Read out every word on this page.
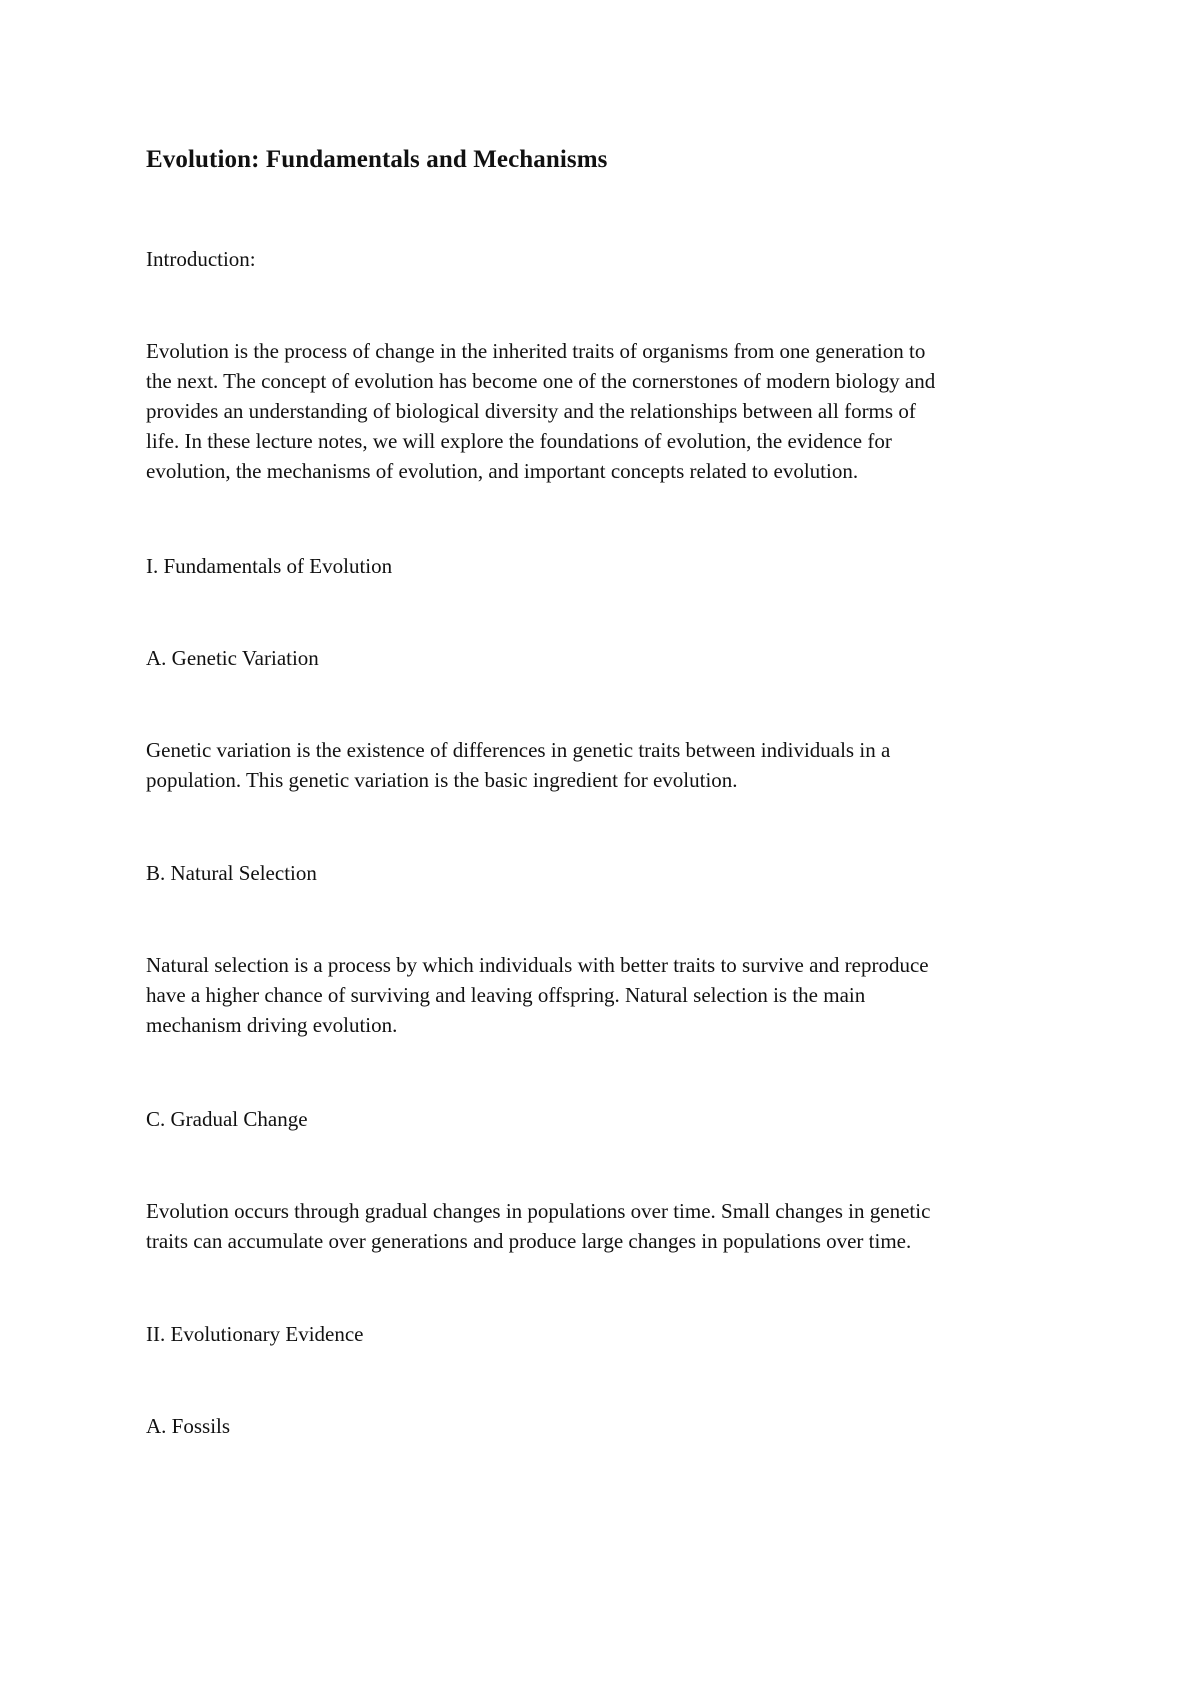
Evolution: Fundamentals and Mechanisms

Introduction:

Evolution is the process of change in the inherited traits of organisms from one generation to
the next. The concept of evolution has become one of the cornerstones of modern biology and
provides an understanding of biological diversity and the relationships between all forms of
life. In these lecture notes, we will explore the foundations of evolution, the evidence for
evolution, the mechanisms of evolution, and important concepts related to evolution.

I. Fundamentals of Evolution

A. Genetic Variation

Genetic variation is the existence of differences in genetic traits between individuals in a
population. This genetic variation is the basic ingredient for evolution.

B. Natural Selection

Natural selection is a process by which individuals with better traits to survive and reproduce
have a higher chance of surviving and leaving offspring. Natural selection is the main
mechanism driving evolution.

C. Gradual Change

Evolution occurs through gradual changes in populations over time. Small changes in genetic
traits can accumulate over generations and produce large changes in populations over time.

II. Evolutionary Evidence

A. Fossils
